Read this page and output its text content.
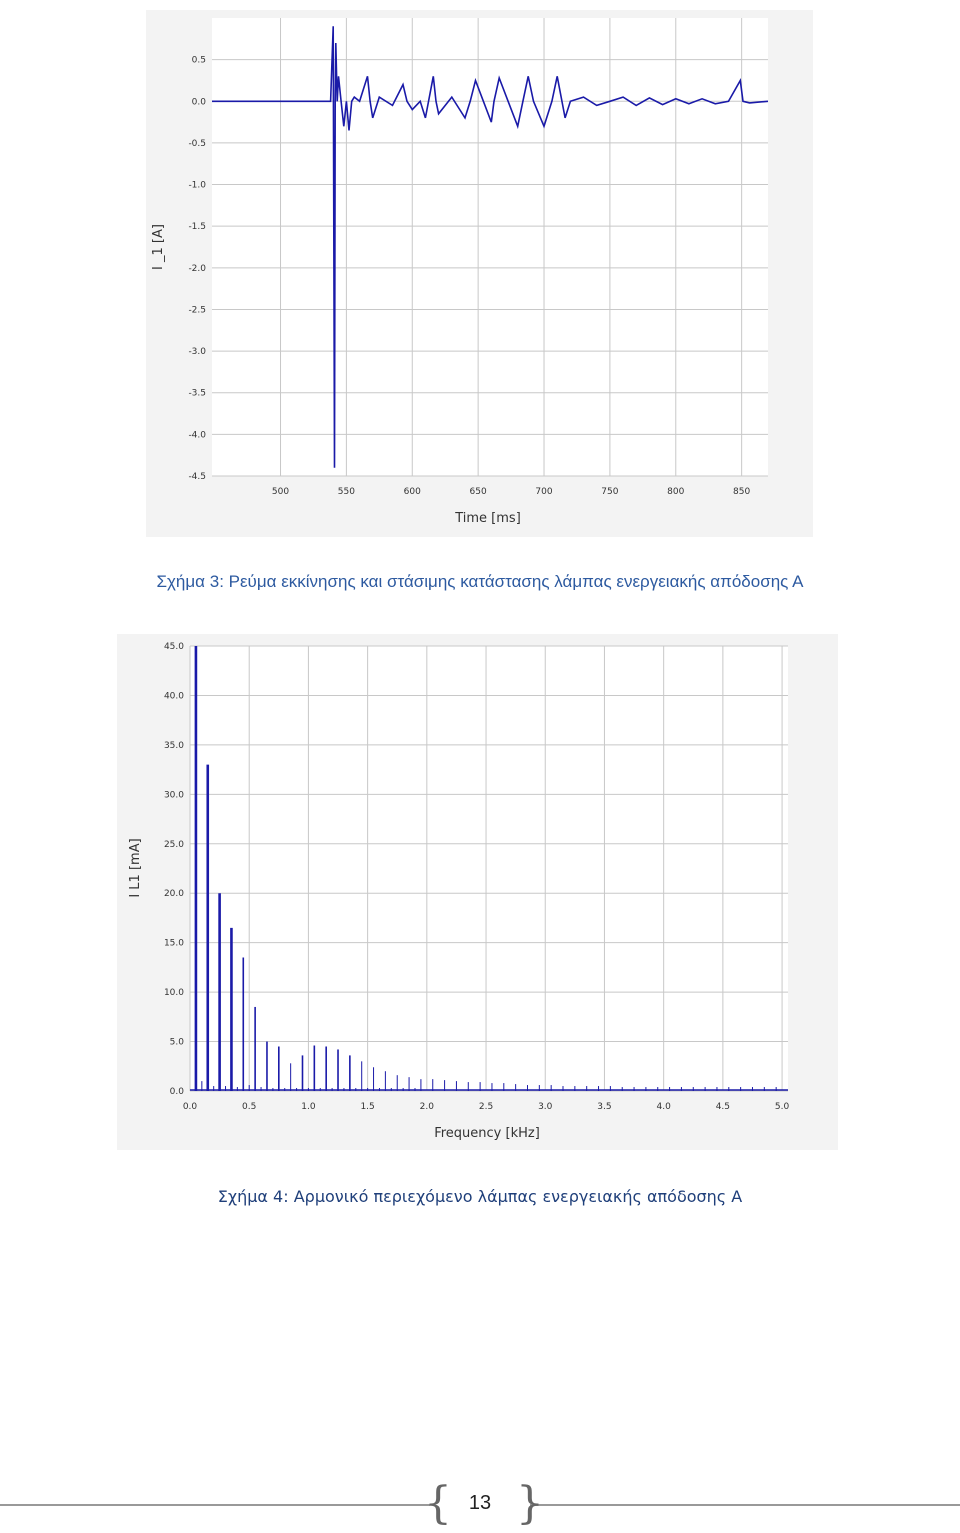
500	550	600	650	700	750	800	850
0.5
0.0
-0.5
-1.0
-1.5
-2.0
-2.5
-3.0
-3.5
-4.0
-4.5
Time [ms]
I _1 [A]
Σχήμα 3: Ρεύμα εκκίνησης και στάσιμης κατάστασης λάμπας ενεργειακής απόδοσης Α
0.0	0.5	1.0	1.5	2.0	2.5	3.0	3.5	4.0	4.5	5.0
45.0
40.0
35.0
30.0
25.0
20.0
15.0
10.0
5.0
0.0
Frequency [kHz]
I L1 [mA]
Σχήμα 4: Αρμονικό περιεχόμενο λάμπας ενεργειακής απόδοσης Α
{ }
13
